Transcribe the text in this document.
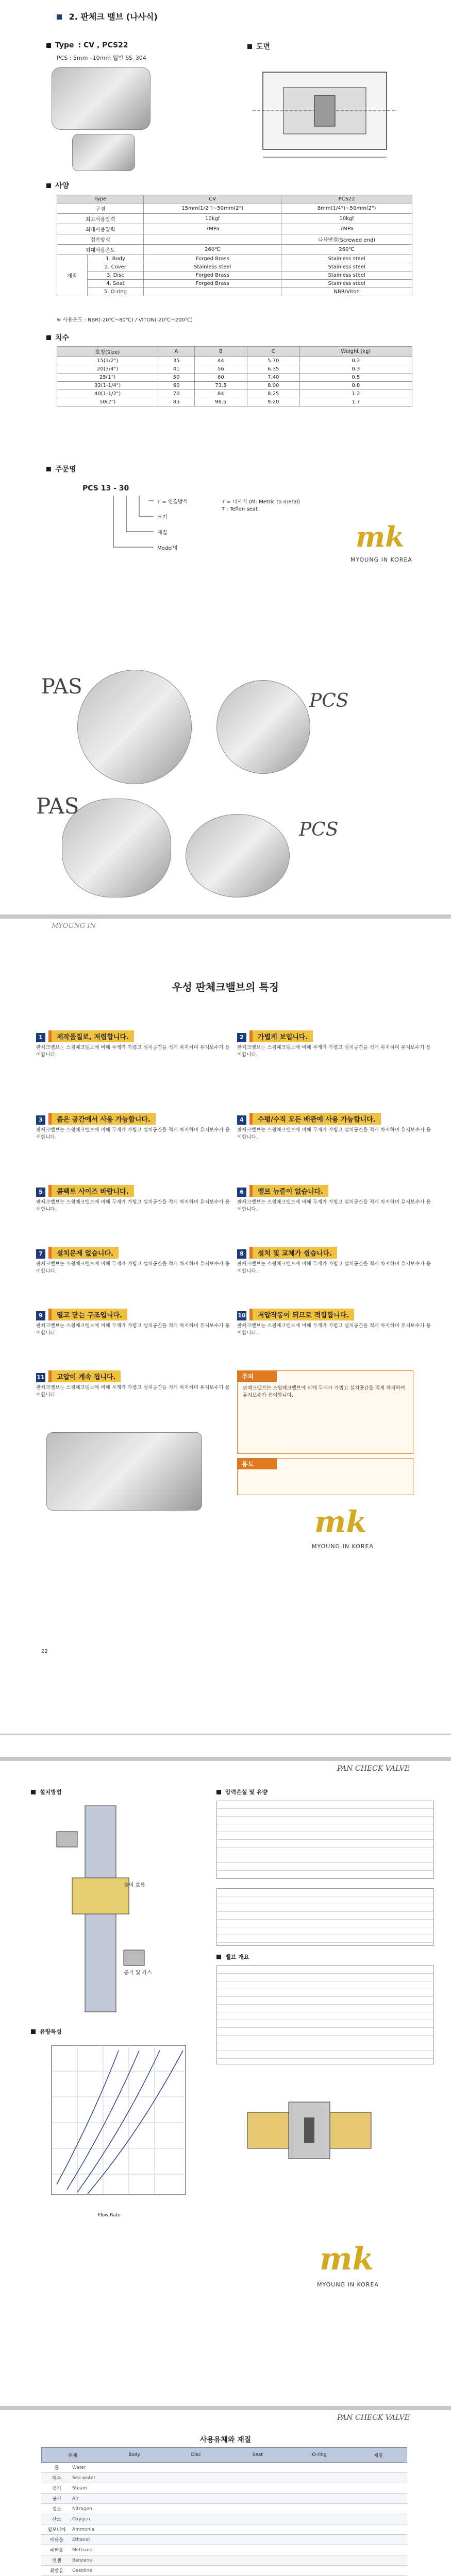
2. 판체크 밸브 (나사식)
Type : CV , PCS22
PCS : 5mm~10mm 일반 SS_304
도면
사양
Type		CV	PCS22
구경		15mm(1/2")~50mm(2")	8mm(1/4")~50mm(2")
최고사용압력		10kgf	10kgf
최대사용압력		7MPa	7MPa
접속방식			나사연결(Screwed end)
최대사용온도		260℃	260℃
재질	1. Body	Forged Brass	Stainless steel
	2. Cover	Stainless steel	Stainless steel
	3. Disc	Forged Brass	Stainless steel
	4. Seat	Forged Brass	Stainless steel
	5. O-ring		NBR/Viton
※ 사용온도 : NBR(-20℃~80℃) / VITON(-20℃~200℃)
치수
호칭(Size)	A	B	C	Weight (kg)
15(1/2")	35	44	5.70	0.2
20(3/4")	41	56	6.35	0.3
25(1")	50	60	7.40	0.5
32(1-1/4")	60	73.5	8.00	0.8
40(1-1/2")	70	84	8.25	1.2
50(2")	85	98.5	9.20	1.7
주문명
PCS 13 - 30
T = 연결방식
크기
재질
Model명
T = 나사식 (M: Metric to metal)
T : Teflon seat
mk
MYOUNG IN KOREA
PAS
PCS
PAS
PCS
MYOUNG IN
우성 판체크밸브의 특징
1 제작품질로, 저렴합니다.

판체크밸브는 스윙체크밸브에 비해 무게가 가볍고 설치공간을 적게 차지하며 유지보수가 용이합니다.

2 가볍게 보입니다.

판체크밸브는 스윙체크밸브에 비해 무게가 가볍고 설치공간을 적게 차지하며 유지보수가 용이합니다.

3 좁은 공간에서 사용 가능합니다.

판체크밸브는 스윙체크밸브에 비해 무게가 가볍고 설치공간을 적게 차지하며 유지보수가 용이합니다.

4 수평/수직 모든 배관에 사용 가능합니다.

판체크밸브는 스윙체크밸브에 비해 무게가 가볍고 설치공간을 적게 차지하며 유지보수가 용이합니다.

5 콤팩트 사이즈 바랍니다.

판체크밸브는 스윙체크밸브에 비해 무게가 가볍고 설치공간을 적게 차지하며 유지보수가 용이합니다.

6 밸브 뉴즐이 없습니다.

판체크밸브는 스윙체크밸브에 비해 무게가 가볍고 설치공간을 적게 차지하며 유지보수가 용이합니다.

7 설치문제 없습니다.

판체크밸브는 스윙체크밸브에 비해 무게가 가볍고 설치공간을 적게 차지하며 유지보수가 용이합니다.

8 설치 및 교체가 쉽습니다.

판체크밸브는 스윙체크밸브에 비해 무게가 가볍고 설치공간을 적게 차지하며 유지보수가 용이합니다.

9 열고 닫는 구조입니다.

판체크밸브는 스윙체크밸브에 비해 무게가 가볍고 설치공간을 적게 차지하며 유지보수가 용이합니다.

10 저압작동이 되므로 적합합니다.

판체크밸브는 스윙체크밸브에 비해 무게가 가볍고 설치공간을 적게 차지하며 유지보수가 용이합니다.

11 고압이 계속 됩니다.

판체크밸브는 스윙체크밸브에 비해 무게가 가볍고 설치공간을 적게 차지하며 유지보수가 용이합니다.

주의
판체크밸브는 스윙체크밸브에 비해 무게가 가볍고 설치공간을 적게 차지하며 유지보수가 용이합니다.
용도
mk
MYOUNG IN KOREA
22
PAN CHECK VALVE
설치방법
물의 흐름
공기 및 가스
압력손실 및 유량
밸브 개요
유량특성
Flow Rate
mk
MYOUNG IN KOREA
PAN CHECK VALVE
사용유체와 재질
유체	Body	Disc	Seat	O-ring	재질
물	Water
해수	Sea water
증기	Steam
공기	Air
질소	Nitrogen
산소	Oxygen
암모니아	Ammonia
에탄올	Ethanol
메탄올	Methanol
벤젠	Benzene
휘발유	Gasoline
